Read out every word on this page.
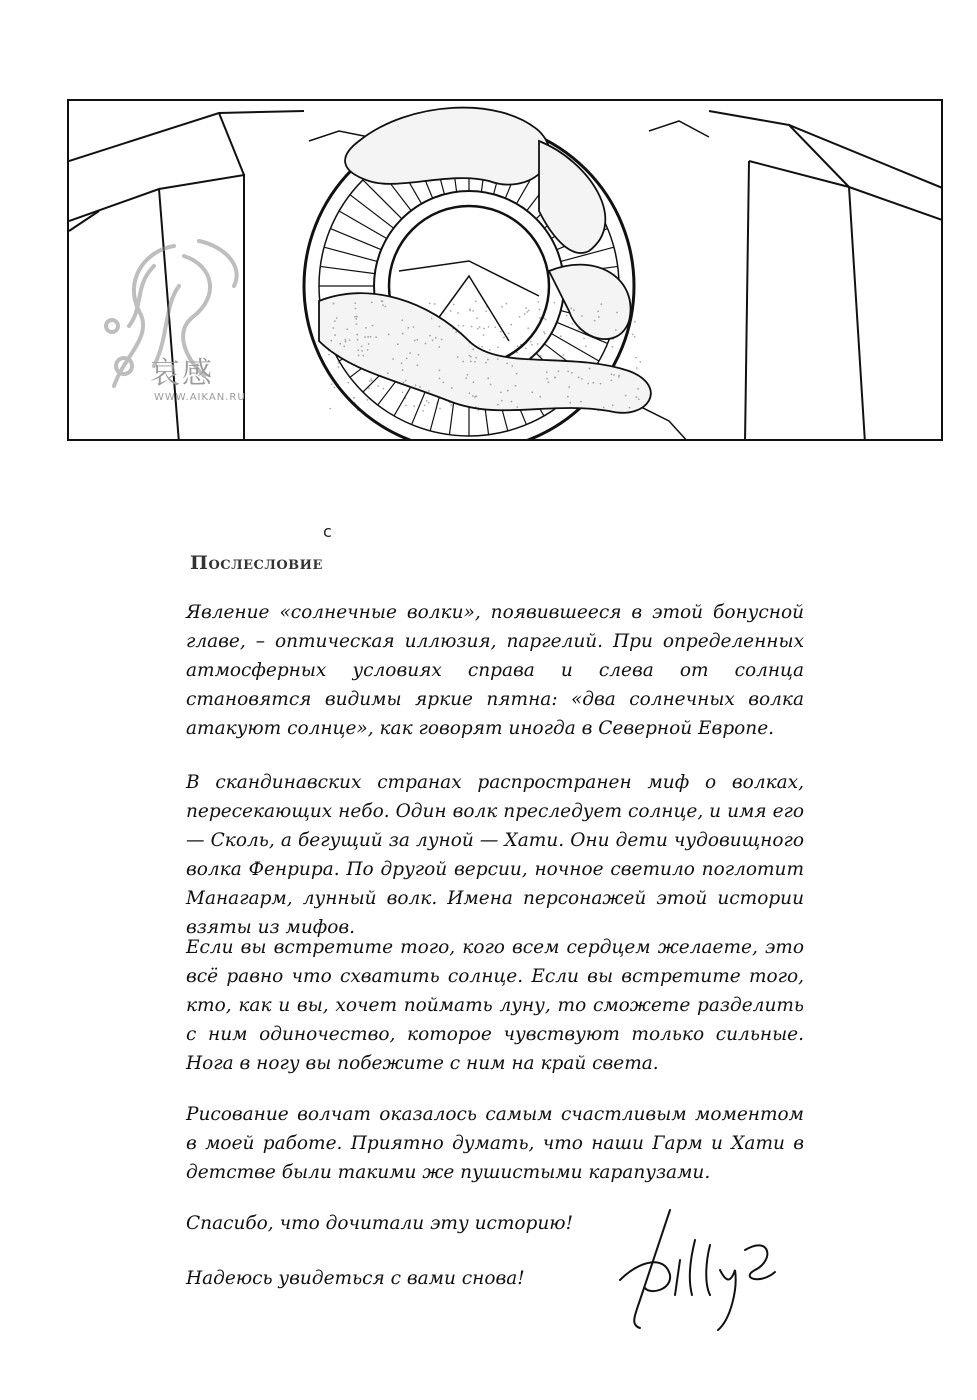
哀感
WWW.AIKAN.RU
c
Послесловие

Явление «солнечные волки», появившееся в этой бонусной главе, – оптическая иллюзия, паргелий. При определенных атмосферных условиях справа и слева от солнца становятся видимы яркие пятна: «два солнечных волка атакуют солнце», как говорят иногда в Северной Европе.

В скандинавских странах распространен миф о волках, пересекающих небо. Один волк преследует солнце, и имя его — Сколь, а бегущий за луной — Хати. Они дети чудовищного волка Фенрира. По другой версии, ночное светило поглотит Манагарм, лунный волк. Имена персонажей этой истории взяты из мифов.

Если вы встретите того, кого всем сердцем желаете, это всё равно что схватить солнце. Если вы встретите того, кто, как и вы, хочет поймать луну, то сможете разделить с ним одиночество, которое чувствуют только сильные. Нога в ногу вы побежите с ним на край света.

Рисование волчат оказалось самым счастливым моментом в моей работе. Приятно думать, что наши Гарм и Хати в детстве были такими же пушистыми карапузами.

Спасибо, что дочитали эту историю!

Надеюсь увидеться с вами снова!
